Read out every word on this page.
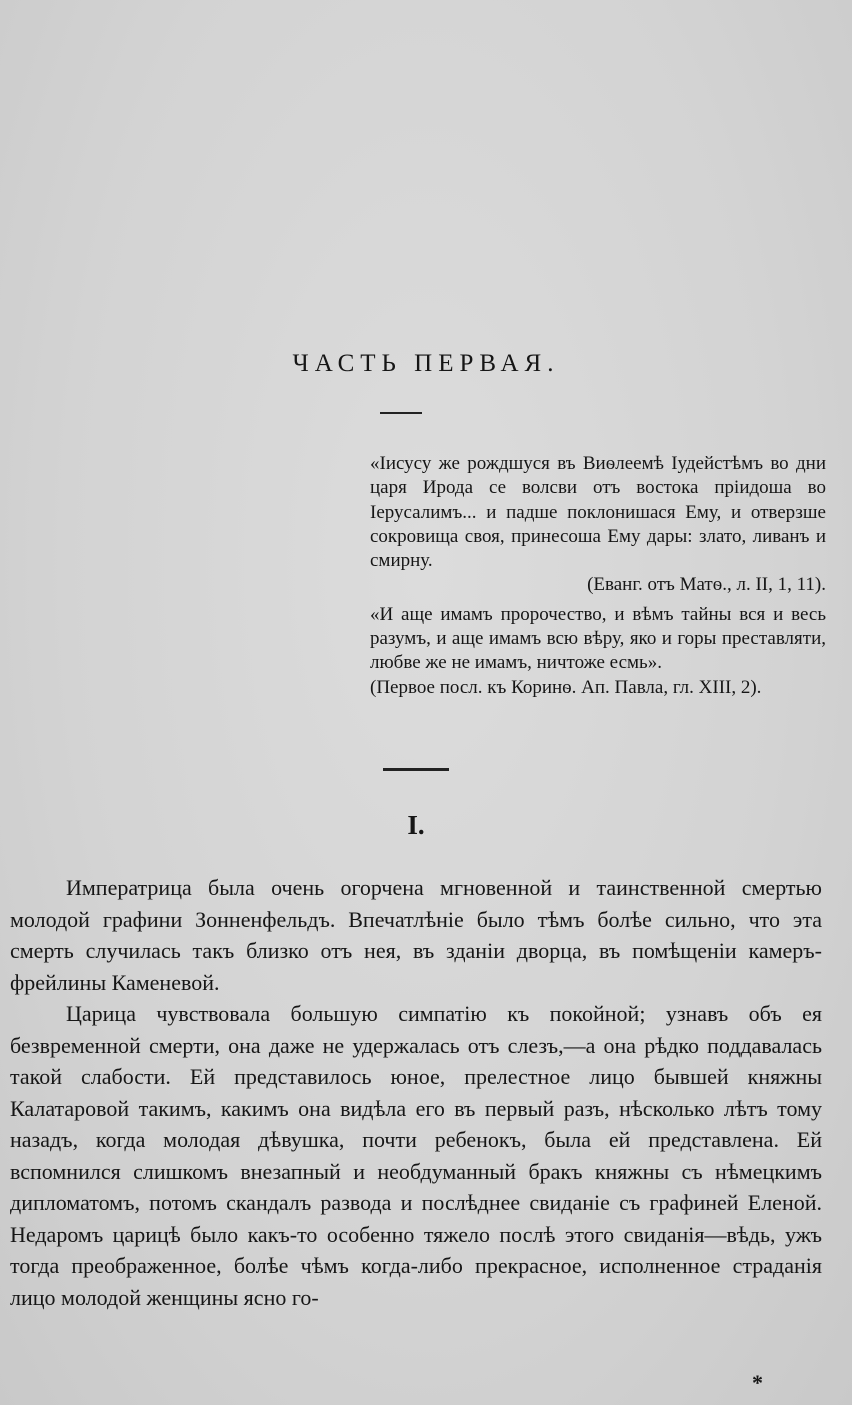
ЧАСТЬ ПЕРВАЯ.

«Iисусу же рождшуся въ Виѳлеемѣ Iудейстѣмъ во дни царя Ирода се волсви отъ востока пріидоша во Iерусалимъ... и падше поклонишася Ему, и отверзше сокровища своя, принесоша Ему дары: злато, ливанъ и смирну.

(Еванг. отъ Матѳ., л. II, 1, 11).

«И аще имамъ пророчество, и вѣмъ тайны вся и весь разумъ, и аще имамъ всю вѣру, яко и горы преставляти, любве же не имамъ, ничтоже есмь».

(Первое посл. къ Коринѳ. Ап. Павла, гл. XIII, 2).

I.

Императрица была очень огорчена мгновенной и таинственной смертью молодой графини Зонненфельдъ. Впечатлѣніе было тѣмъ болѣе сильно, что эта смерть случилась такъ близко отъ нея, въ зданіи дворца, въ помѣщеніи камеръ-фрейлины Каменевой.

Царица чувствовала большую симпатію къ покойной; узнавъ объ ея безвременной смерти, она даже не удержалась отъ слезъ,—а она рѣдко поддавалась такой слабости. Ей представилось юное, прелестное лицо бывшей княжны Калатаровой такимъ, какимъ она видѣла его въ первый разъ, нѣсколько лѣтъ тому назадъ, когда молодая дѣвушка, почти ребенокъ, была ей представлена. Ей вспомнился слишкомъ внезапный и необдуманный бракъ княжны съ нѣмецкимъ дипломатомъ, потомъ скандалъ развода и послѣднее свиданіе съ графиней Еленой. Недаромъ царицѣ было какъ-то особенно тяжело послѣ этого свиданія—вѣдь, ужъ тогда преображенное, болѣе чѣмъ когда-либо прекрасное, исполненное страданія лицо молодой женщины ясно го-

*
